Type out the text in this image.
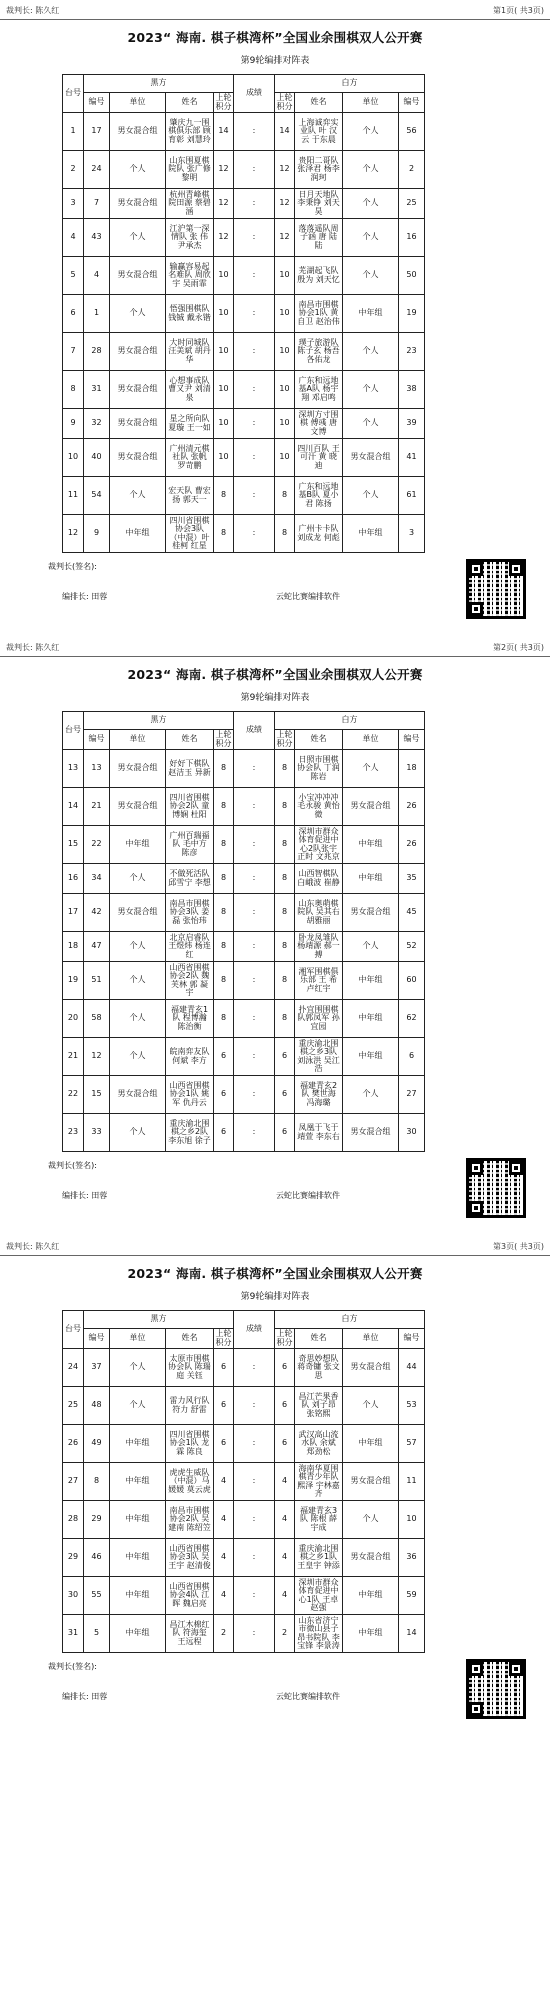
裁判长: 陈久红	第1页( 共3页)
2023“ 海南. 棋子棋湾杯”全国业余围棋双人公开赛
第9轮编排对阵表
台号	黑方				成绩	白方			
	编号	单位	姓名	上轮积分		上轮积分	姓名	单位	编号
1	17	男女混合组	肇庆九一围棋俱乐部 顾育彰 刘慧玲	14	:	14	上海诚弈实业队 叶 汉云 于东晨	个人	56
2	24	个人	山东围夏棋院队 张广修 黎明	12	:	12	贵阳二哥队张泽君 杨李润珂	个人	2
3	7	男女混合组	杭州青峰棋院田源 蔡碧涵	12	:	12	日月天地队李秉铮 刘天昊	个人	25
4	43	个人	江沪第一深情队 张 伟 尹承杰	12	:	12	落落遥队周子涵 唐 陆陆	个人	16
5	4	男女混合组	输赢容易起名难队 周欣宇 吴雨霏	10	:	10	芜湖起飞队 殷为 刘天忆	个人	50
6	1	个人	悟强围棋队 钱铖 戴永锴	10	:	10	南昌市围棋协会1队 黄自卫 赵治伟	中年组	19
7	28	男女混合组	大时同城队 汪美斌 胡丹华	10	:	10	璞子旅游队 陈子玄 杨吾各佑龙	个人	23
8	31	男女混合组	心想事成队 曹又尹 刘清泉	10	:	10	广东和远地基A队 杨宇翔 邓启鸣	个人	38
9	32	男女混合组	星之所向队 夏璇 王一如	10	:	10	深圳方寸围棋 傅彧 唐文博	个人	39
10	40	男女混合组	广州清元棋社队 张帆 罗苛鹏	10	:	10	四川百队 王可汗 黄 晓迪	男女混合组	41
11	54	个人	宏天队 曹宏扬 郭天一	8	:	8	广东和远地基B队 夏小君 陈扬	个人	61
12	9	中年组	四川省围棋协会3队（中混）叶桂柯 红星	8	:	8	广州卡卡队 刘成龙 何彪	中年组	3
裁判长(签名):
编排长: 田蓉	云蛇比赛编排软件
裁判长: 陈久红	第2页( 共3页)
2023“ 海南. 棋子棋湾杯”全国业余围棋双人公开赛
第9轮编排对阵表
台号	黑方				成绩	白方			
	编号	单位	姓名	上轮积分		上轮积分	姓名	单位	编号
13	13	男女混合组	好好下棋队 赵洁玉 异新	8	:	8	日照市围棋协会队 丁润 陈岩	个人	18
14	21	男女混合组	四川省围棋协会2队 童博娴 杜阳	8	:	8	小宝冲冲冲 毛永骏 黄怡微	男女混合组	26
15	22	中年组	广州百瑞福队 毛中方 陈彦	8	:	8	深圳市群众体育促进中心2队张宇正时 文兆京	中年组	26
16	34	个人	不做死活队 邱雪宁 李想	8	:	8	山西智棋队 白峨波 崔静	中年组	35
17	42	男女混合组	南昌市围棋协会3队 姜磊 张怡玮	8	:	8	山东奥萌棋院队 吴其右 胡雅丽	男女混合组	45
18	47	个人	北京启睿队 王煜炜 杨连红	8	:	8	卧龙凤雏队 杨靖源 郝一搏	个人	52
19	51	个人	山西省围棋协会2队 魏芙林 郭 凝宇	8	:	8	湘军围棋俱乐部 王 希 卢红宇	中年组	60
20	58	个人	福建青玄1队 程博瀚 陈治衡	8	:	8	扑宜围围棋队郭凤军 孙宜园	中年组	62
21	12	个人	皖南弈友队 何斌 李方	6	:	6	重庆渝北围棋之乡3队 刘泳洪 吴江浩	中年组	6
22	15	男女混合组	山西省围棋协会1队 姚军 仇丹云	6	:	6	福建青玄2队 樊世海 冯海璐	个人	27
23	33	个人	重庆渝北围棋之乡2队 李东旭 徐子	6	:	6	凤凰于飞于靖萱 李东右	男女混合组	30
裁判长(签名):
编排长: 田蓉	云蛇比赛编排软件
裁判长: 陈久红	第3页( 共3页)
2023“ 海南. 棋子棋湾杯”全国业余围棋双人公开赛
第9轮编排对阵表
台号	黑方				成绩	白方			
	编号	单位	姓名	上轮积分		上轮积分	姓名	单位	编号
24	37	个人	太原市围棋协会队 陈瑞庭 关钰	6	:	6	奇思妙想队 蒋奇镛 张文思	男女混合组	44
25	48	个人	雷力风行队 符力 舒雷	6	:	6	昌江芒果香队 刘子昂 张铭熙	个人	53
26	49	中年组	四川省围棋协会1队 龙霖 陈良	6	:	6	武汉高山流水队 余斌 郑劲松	中年组	57
27	8	中年组	虎虎生威队（中混）马媛媛 莫云虎	4	:	4	海南华夏围棋青少年队熙泽 宇林嘉齐	男女混合组	11
28	29	中年组	南昌市围棋协会2队 吴建南 陈绍笠	4	:	4	福建青玄3队 陈根 薛宇成	个人	10
29	46	中年组	山西省围棋协会3队 吴 王宇 赵清俊	4	:	4	重庆渝北围棋之乡1队 王皇宇 钟添	男女混合组	36
30	55	中年组	山西省围棋协会4队 江晖 魏启亮	4	:	4	深圳市群众体育促进中心1队 王卓 赵强	中年组	59
31	5	中年组	昌江木棉红队 符海玺 王远程	2	:	2	山东省济宁市微山县子昂书院队 李宝锋 李景涛	中年组	14
裁判长(签名):
编排长: 田蓉	云蛇比赛编排软件
